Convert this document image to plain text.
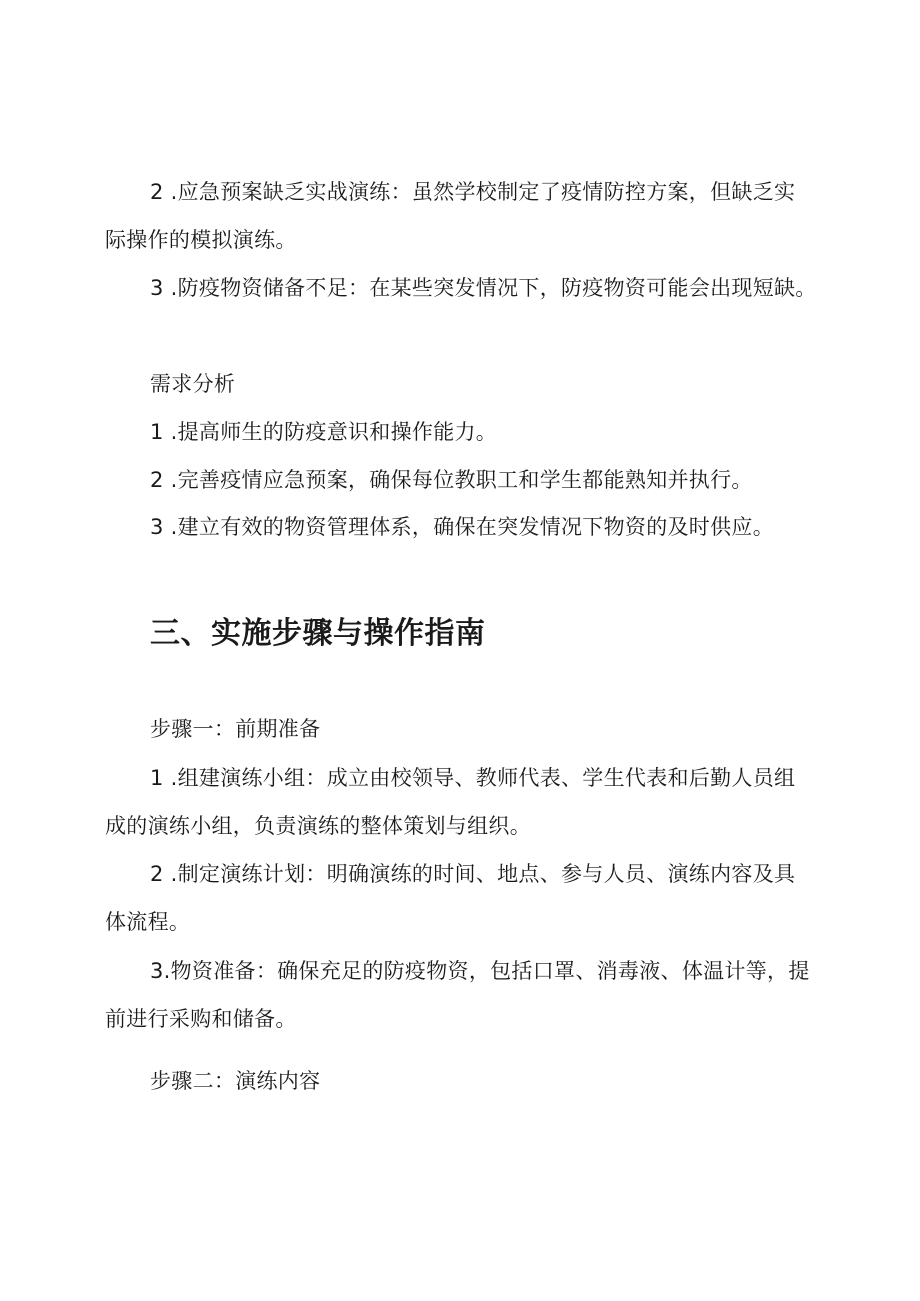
2 .应急预案缺乏实战演练：虽然学校制定了疫情防控方案，但缺乏实
际操作的模拟演练。
3 .防疫物资储备不足：在某些突发情况下，防疫物资可能会出现短缺。
需求分析
1 .提高师生的防疫意识和操作能力。
2 .完善疫情应急预案，确保每位教职工和学生都能熟知并执行。
3 .建立有效的物资管理体系，确保在突发情况下物资的及时供应。
三、实施步骤与操作指南
步骤一：前期准备
1 .组建演练小组：成立由校领导、教师代表、学生代表和后勤人员组
成的演练小组，负责演练的整体策划与组织。
2 .制定演练计划：明确演练的时间、地点、参与人员、演练内容及具
体流程。
3.物资准备：确保充足的防疫物资，包括口罩、消毒液、体温计等，提
前进行采购和储备。
步骤二：演练内容
